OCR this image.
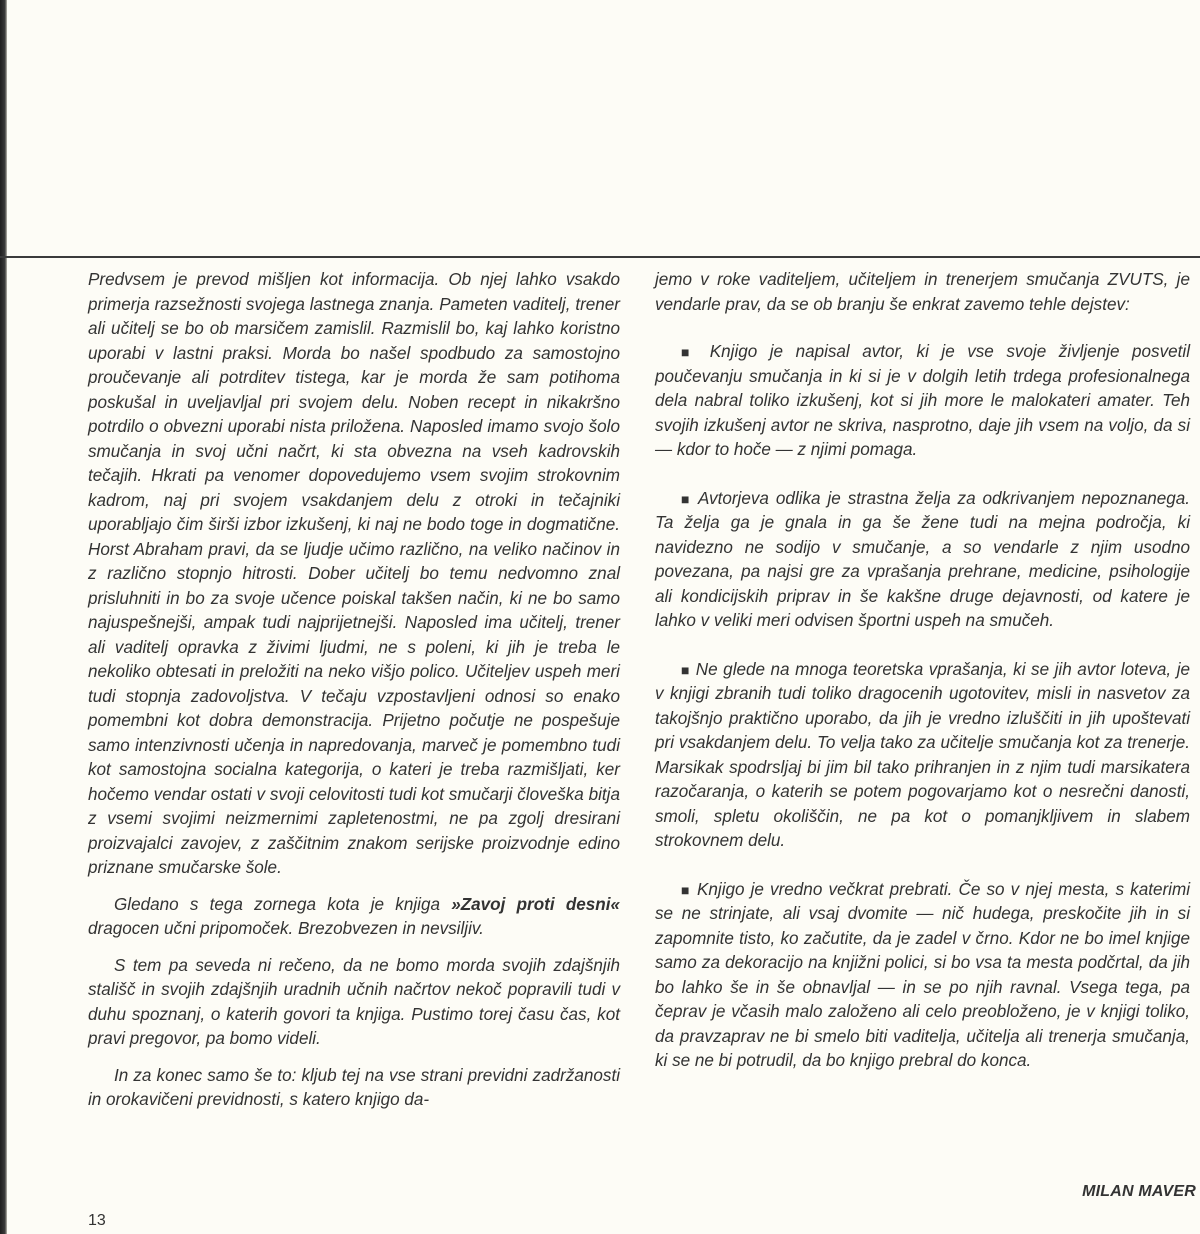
Predvsem je prevod mišljen kot informacija. Ob njej lahko vsakdo primerja razsežnosti svojega lastnega znanja. Pameten vaditelj, trener ali učitelj se bo ob marsičem zamislil. Razmislil bo, kaj lahko koristno uporabi v lastni praksi. Morda bo našel spodbudo za samostojno proučevanje ali potrditev tistega, kar je morda že sam potihoma poskušal in uveljavljal pri svojem delu. Noben recept in nikakršno potrdilo o obvezni uporabi nista priložena. Naposled imamo svojo šolo smučanja in svoj učni načrt, ki sta obvezna na vseh kadrovskih tečajih. Hkrati pa venomer dopovedujemo vsem svojim strokovnim kadrom, naj pri svojem vsakdanjem delu z otroki in tečajniki uporabljajo čim širši izbor izkušenj, ki naj ne bodo toge in dogmatične. Horst Abraham pravi, da se ljudje učimo različno, na veliko načinov in z različno stopnjo hitrosti. Dober učitelj bo temu nedvomno znal prisluhniti in bo za svoje učence poiskal takšen način, ki ne bo samo najuspešnejši, ampak tudi najprijetnejši. Naposled ima učitelj, trener ali vaditelj opravka z živimi ljudmi, ne s poleni, ki jih je treba le nekoliko obtesati in preložiti na neko višjo polico. Učiteljev uspeh meri tudi stopnja zadovoljstva. V tečaju vzpostavljeni odnosi so enako pomembni kot dobra demonstracija. Prijetno počutje ne pospešuje samo intenzivnosti učenja in napredovanja, marveč je pomembno tudi kot samostojna socialna kategorija, o kateri je treba razmišljati, ker hočemo vendar ostati v svoji celovitosti tudi kot smučarji človeška bitja z vsemi svojimi neizmernimi zapletenostmi, ne pa zgolj dresirani proizvajalci zavojev, z zaščitnim znakom serijske proizvodnje edino priznane smučarske šole.

Gledano s tega zornega kota je knjiga »Zavoj proti desni« dragocen učni pripomoček. Brezobvezen in nevsiljiv.

S tem pa seveda ni rečeno, da ne bomo morda svojih zdajšnjih stališč in svojih zdajšnjih uradnih učnih načrtov nekoč popravili tudi v duhu spoznanj, o katerih govori ta knjiga. Pustimo torej času čas, kot pravi pregovor, pa bomo videli.

In za konec samo še to: kljub tej na vse strani previdni zadržanosti in orokavičeni previdnosti, s katero knjigo da-

jemo v roke vaditeljem, učiteljem in trenerjem smučanja ZVUTS, je vendarle prav, da se ob branju še enkrat zavemo tehle dejstev:

■ Knjigo je napisal avtor, ki je vse svoje življenje posvetil poučevanju smučanja in ki si je v dolgih letih trdega profesionalnega dela nabral toliko izkušenj, kot si jih more le malokateri amater. Teh svojih izkušenj avtor ne skriva, nasprotno, daje jih vsem na voljo, da si — kdor to hoče — z njimi pomaga.

■ Avtorjeva odlika je strastna želja za odkrivanjem nepoznanega. Ta želja ga je gnala in ga še žene tudi na mejna področja, ki navidezno ne sodijo v smučanje, a so vendarle z njim usodno povezana, pa najsi gre za vprašanja prehrane, medicine, psihologije ali kondicijskih priprav in še kakšne druge dejavnosti, od katere je lahko v veliki meri odvisen športni uspeh na smučeh.

■ Ne glede na mnoga teoretska vprašanja, ki se jih avtor loteva, je v knjigi zbranih tudi toliko dragocenih ugotovitev, misli in nasvetov za takojšnjo praktično uporabo, da jih je vredno izluščiti in jih upoštevati pri vsakdanjem delu. To velja tako za učitelje smučanja kot za trenerje. Marsikak spodrsljaj bi jim bil tako prihranjen in z njim tudi marsikatera razočaranja, o katerih se potem pogovarjamo kot o nesrečni danosti, smoli, spletu okoliščin, ne pa kot o pomanjkljivem in slabem strokovnem delu.

■ Knjigo je vredno večkrat prebrati. Če so v njej mesta, s katerimi se ne strinjate, ali vsaj dvomite — nič hudega, preskočite jih in si zapomnite tisto, ko začutite, da je zadel v črno. Kdor ne bo imel knjige samo za dekoracijo na knjižni polici, si bo vsa ta mesta podčrtal, da jih bo lahko še in še obnavljal — in se po njih ravnal. Vsega tega, pa čeprav je včasih malo založeno ali celo preobloženo, je v knjigi toliko, da pravzaprav ne bi smelo biti vaditelja, učitelja ali trenerja smučanja, ki se ne bi potrudil, da bo knjigo prebral do konca.

MILAN MAVER
13
